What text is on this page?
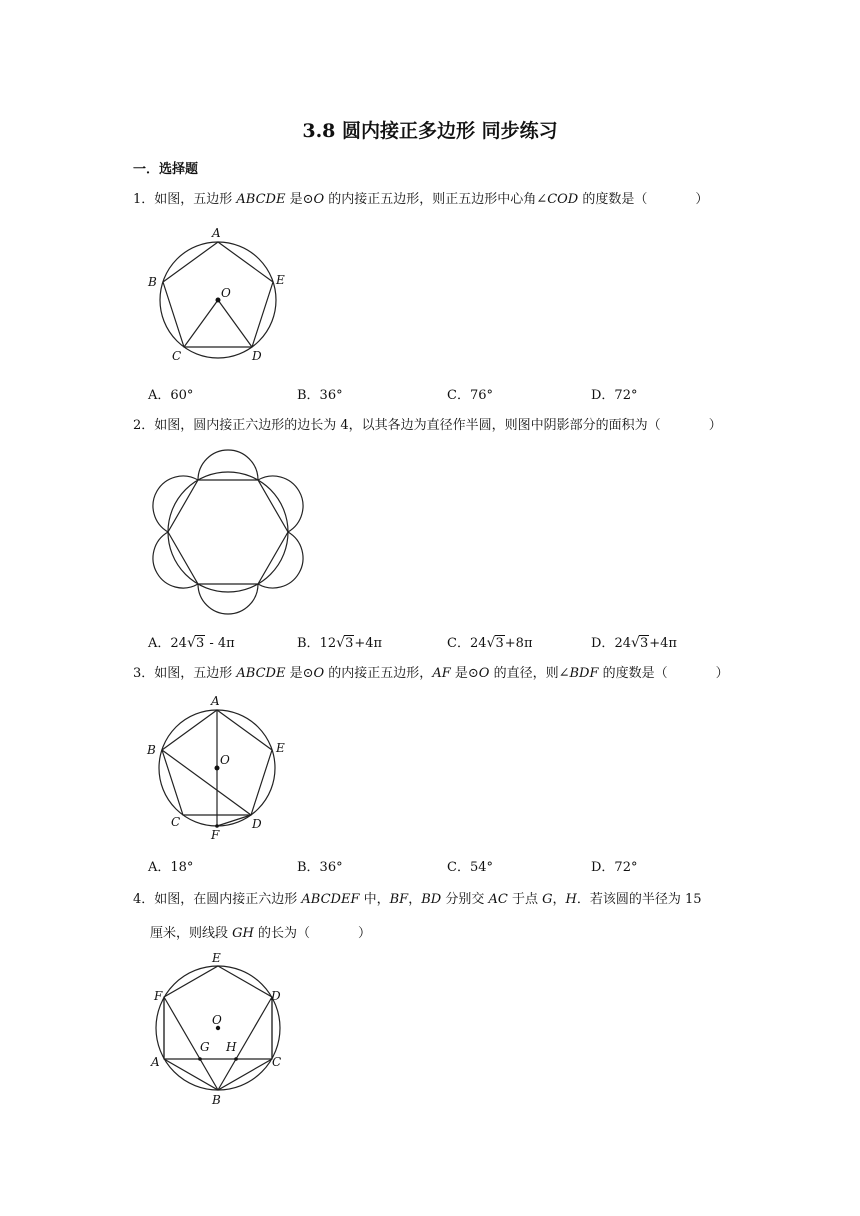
3.8 圆内接正多边形 同步练习
一．选择题
1．如图，五边形 ABCDE 是⊙O 的内接正五边形，则正五边形中心角∠COD 的度数是（	）
A
B
C	D
E
O
A．60°	B．36°	C．76°	D．72°
2．如图，圆内接正六边形的边长为 4，以其各边为直径作半圆，则图中阴影部分的面积为（	）
A．24 √ 3 - 4π	B．12 √ 3+4π	C．24 √ 3+8π	D．24 √ 3+4π
3．如图，五边形 ABCDE 是⊙O 的内接正五边形，AF 是⊙O 的直径，则∠BDF 的度数是（	）
A
B
C	D
E
F
O
A．18°	B．36°	C．54°	D．72°
4．如图，在圆内接正六边形 ABCDEF 中，BF，BD 分别交 AC 于点 G，H．若该圆的半径为 15
厘米，则线段 GH 的长为（	）
E
F	D
O
G H
A	C
B
